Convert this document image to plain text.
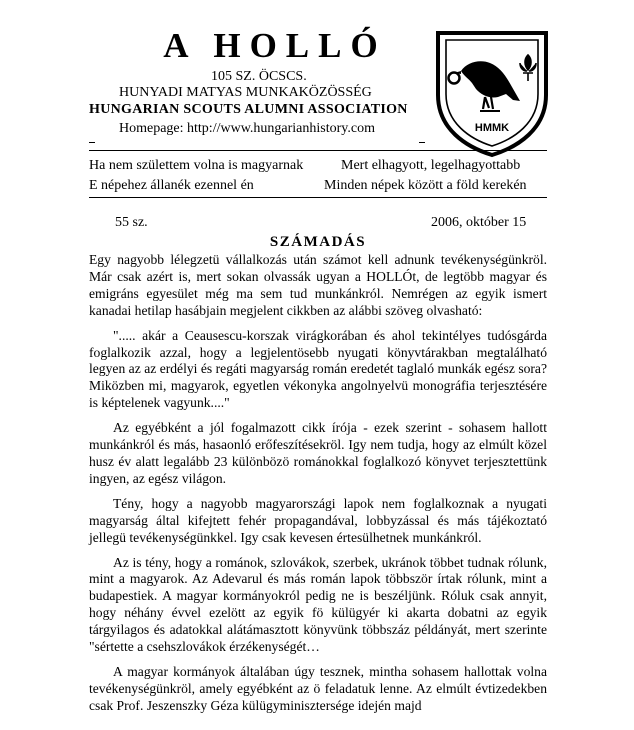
A HOLLÓ
105 SZ. ÖCSCS.
HUNYADI MATYAS MUNKAKÖZÖSSÉG
HUNGARIAN SCOUTS ALUMNI ASSOCIATION
Homepage: http://www.hungarianhistory.com	HMMK
Ha nem születtem volna is magyarnak	Mert elhagyott, legelhagyottabb
E népehez állanék ezennel én	Minden népek között a föld kerekén
55 sz.	2006, október 15
SZÁMADÁS

Egy nagyobb lélegzetü vállalkozás után számot kell adnunk tevékenységünkröl. Már csak azért is, mert sokan olvassák ugyan a HOLLÓt, de legtöbb magyar és emigráns egyesület még ma sem tud munkánkról. Nemrégen az egyik ismert kanadai hetilap hasábjain megjelent cikkben az alábbi szöveg olvasható:

"..... akár a Ceausescu-korszak virágkorában és ahol tekintélyes tudósgárda foglalkozik azzal, hogy a legjelentösebb nyugati könyvtárakban megtalálható legyen az az erdélyi és regáti magyarság román eredetét taglaló munkák egész sora? Miközben mi, magyarok, egyetlen vékonyka angolnyelvü monográfia terjesztésére is képtelenek vagyunk...."

Az egyébként a jól fogalmazott cikk írója - ezek szerint - sohasem hallott munkánkról és más, hasaonló erőfeszítésekröl. Igy nem tudja, hogy az elmúlt közel husz év alatt legalább 23 különbözö románokkal foglalkozó könyvet terjesztettünk ingyen, az egész világon.

Tény, hogy a nagyobb magyarországi lapok nem foglalkoznak a nyugati magyarság által kifejtett fehér propagandával, lobbyzással és más tájékoztató jellegü tevékenységünkkel. Igy csak kevesen értesülhetnek munkánkról.

Az is tény, hogy a románok, szlovákok, szerbek, ukránok többet tudnak rólunk, mint a magyarok. Az Adevarul és más román lapok többször írtak rólunk, mint a budapestiek. A magyar kormányokról pedig ne is beszéljünk. Róluk csak annyit, hogy néhány évvel ezelött az egyik fö külügyér ki akarta dobatni az egyik tárgyilagos és adatokkal alátámasztott könyvünk többszáz példányát, mert szerinte "sértette a csehszlovákok érzékenységét…

A magyar kormányok általában úgy tesznek, mintha sohasem hallottak volna tevékenységünkröl, amely egyébként az ö feladatuk lenne. Az elmúlt évtizedekben csak Prof. Jeszenszky Géza külügyminisztersége idején majd
